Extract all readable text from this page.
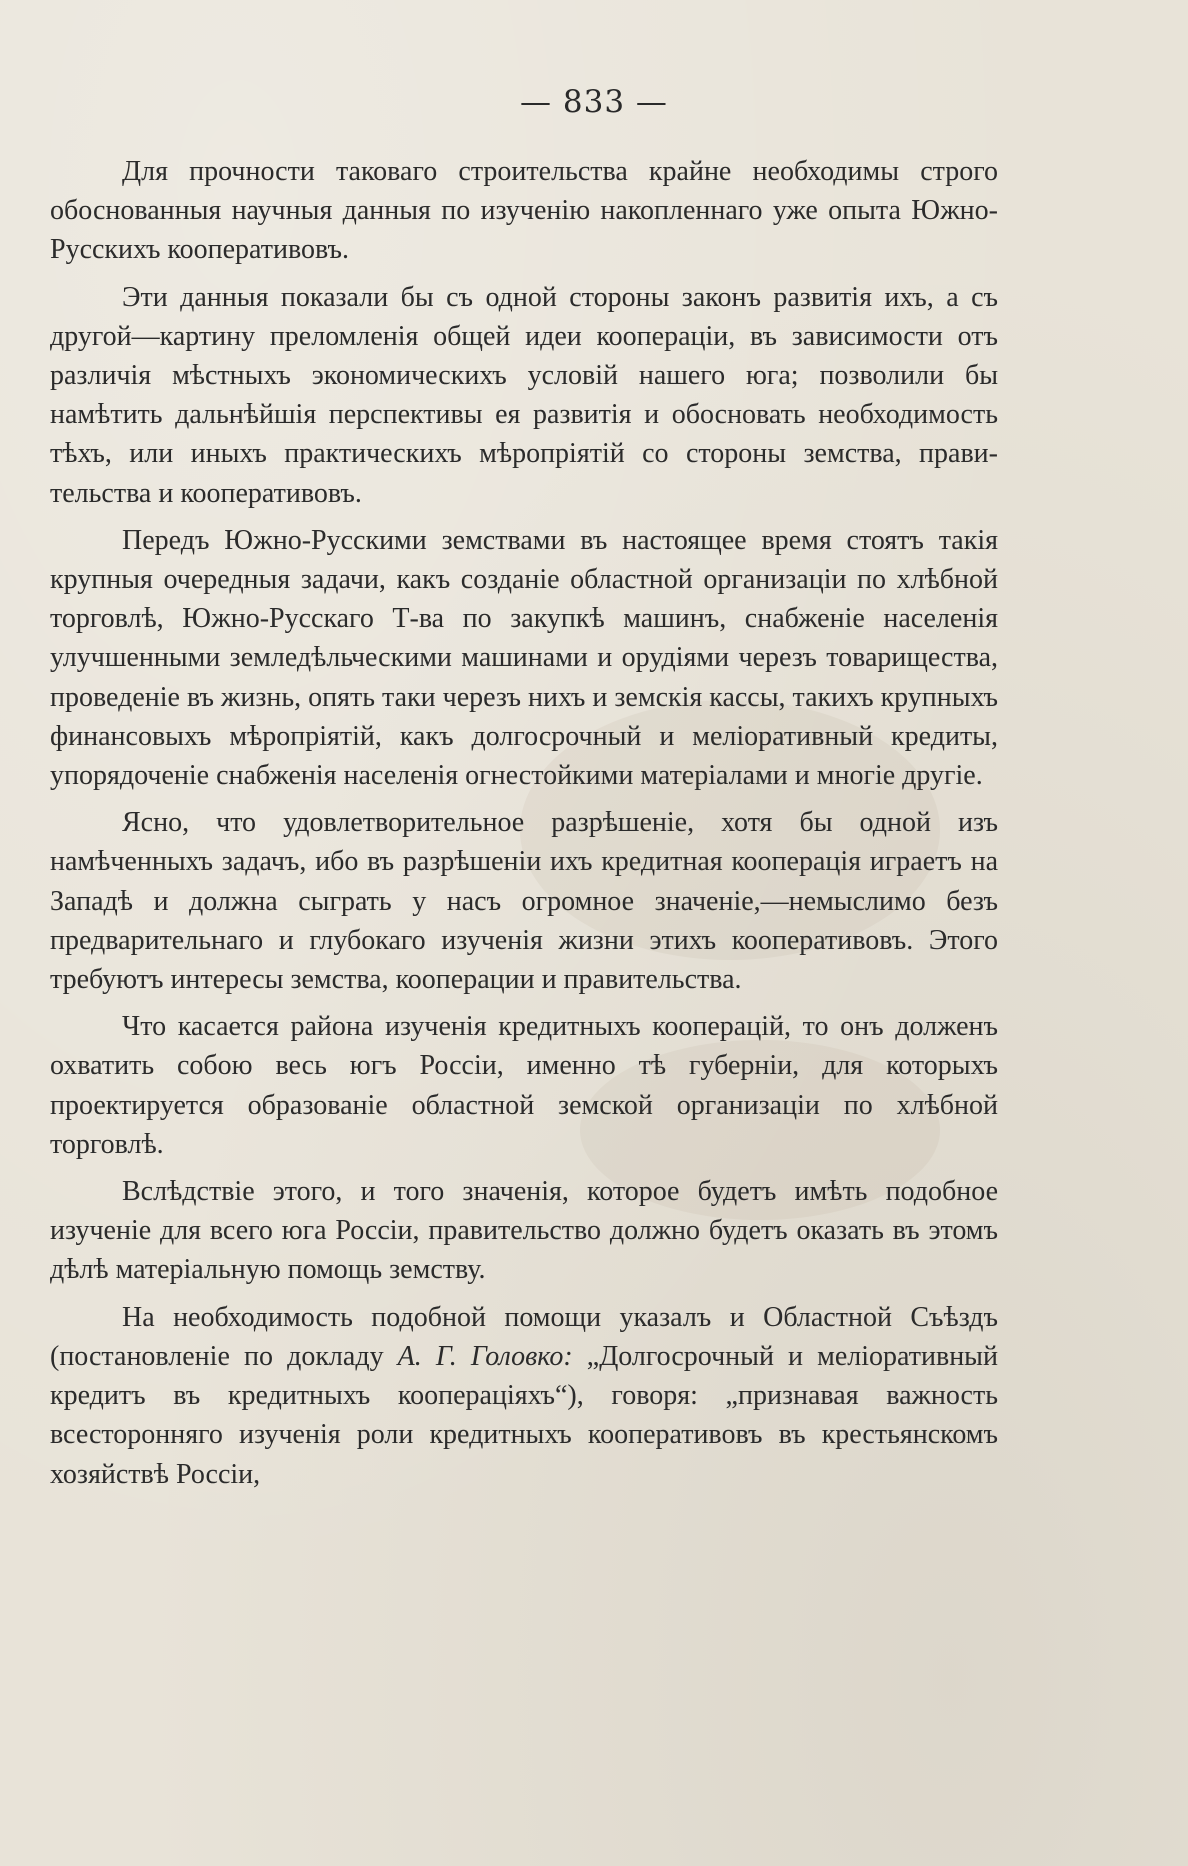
— 833 —

Для прочности таковаго строительства крайне необходимы строго обоснованныя научныя данныя по изученію накопленнаго уже опыта Южно-Русскихъ кооперативовъ.

Эти данныя показали бы съ одной стороны законъ развитія ихъ, а съ другой—картину преломленія общей идеи коопераціи, въ зависимости отъ различія мѣстныхъ экономическихъ условій нашего юга; позволили бы намѣтить дальнѣйшія перспективы ея развитія и обосновать необходимость тѣхъ, или иныхъ практическихъ мѣропріятій со стороны земства, правительства и кооперативовъ.

Передъ Южно-Русскими земствами въ настоящее время стоятъ такія крупныя очередныя задачи, какъ созданіе областной организаціи по хлѣбной торговлѣ, Южно-Русскаго Т-ва по закупкѣ машинъ, снабженіе населенія улучшенными земледѣльческими машинами и орудіями черезъ товарищества, проведеніе въ жизнь, опять таки черезъ нихъ и земскія кассы, такихъ крупныхъ финансовыхъ мѣропріятій, какъ долгосрочный и меліоративный кредиты, упорядоченіе снабженія населенія огнестойкими матеріалами и многіе другіе.

Ясно, что удовлетворительное разрѣшеніе, хотя бы одной изъ намѣченныхъ задачъ, ибо въ разрѣшеніи ихъ кредитная кооперація играетъ на Западѣ и должна сыграть у насъ огромное значеніе,—немыслимо безъ предварительнаго и глубокаго изученія жизни этихъ кооперативовъ. Этого требуютъ интересы земства, кооперации и правительства.

Что касается района изученія кредитныхъ кооперацій, то онъ долженъ охватить собою весь югъ Россіи, именно тѣ губерніи, для которыхъ проектируется образованіе областной земской организаціи по хлѣбной торговлѣ.

Вслѣдствіе этого, и того значенія, которое будетъ имѣть подобное изученіе для всего юга Россіи, правительство должно будетъ оказать въ этомъ дѣлѣ матеріальную помощь земству.

На необходимость подобной помощи указалъ и Областной Съѣздъ (постановленіе по докладу А. Г. Головко: „Долгосрочный и меліоративный кредитъ въ кредитныхъ кооперацiяхъ“), говоря: „признавая важность всесторонняго изученія роли кредитныхъ кооперативовъ въ крестьянскомъ хозяйствѣ Россіи,
